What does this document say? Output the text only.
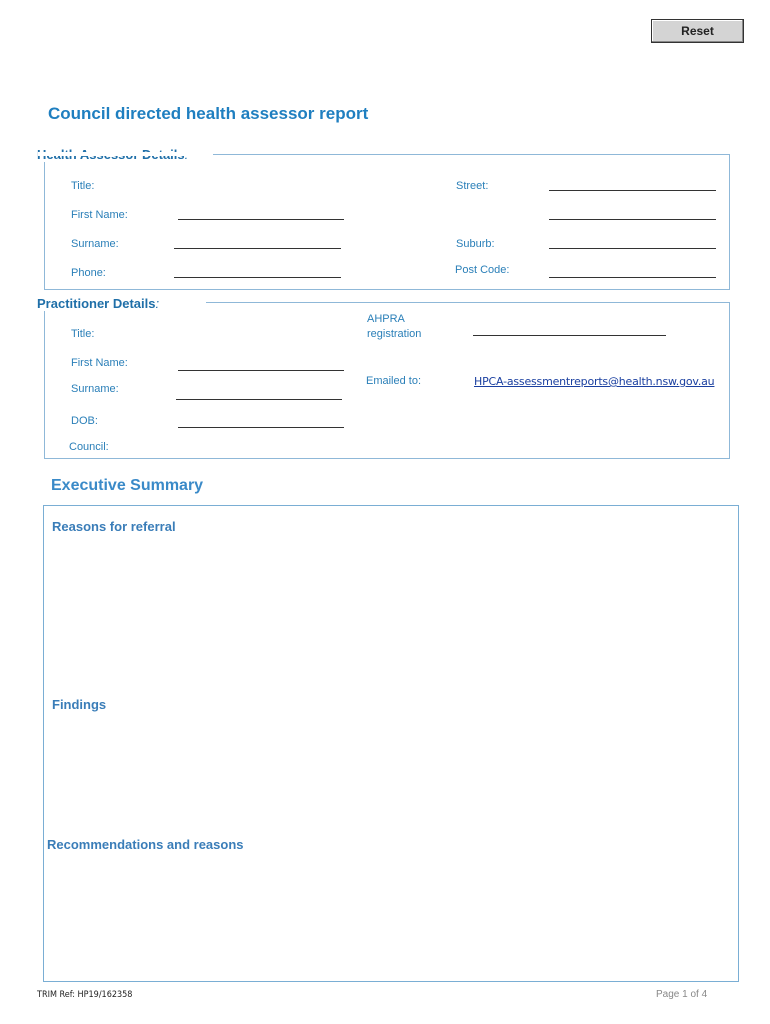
Reset
Council directed health assessor report
Title:
First Name:
Surname:
Phone:
Street:
Suburb:
Post Code:
Practitioner Details:
Title:
First Name:
Surname:
DOB:
Council:
AHPRA
registration
Emailed to:	HPCA-assessmentreports@health.nsw.gov.au
Executive Summary
Reasons for referral
Findings
Recommendations and reasons
TRIM Ref: HP19/162358	Page 1 of 4
